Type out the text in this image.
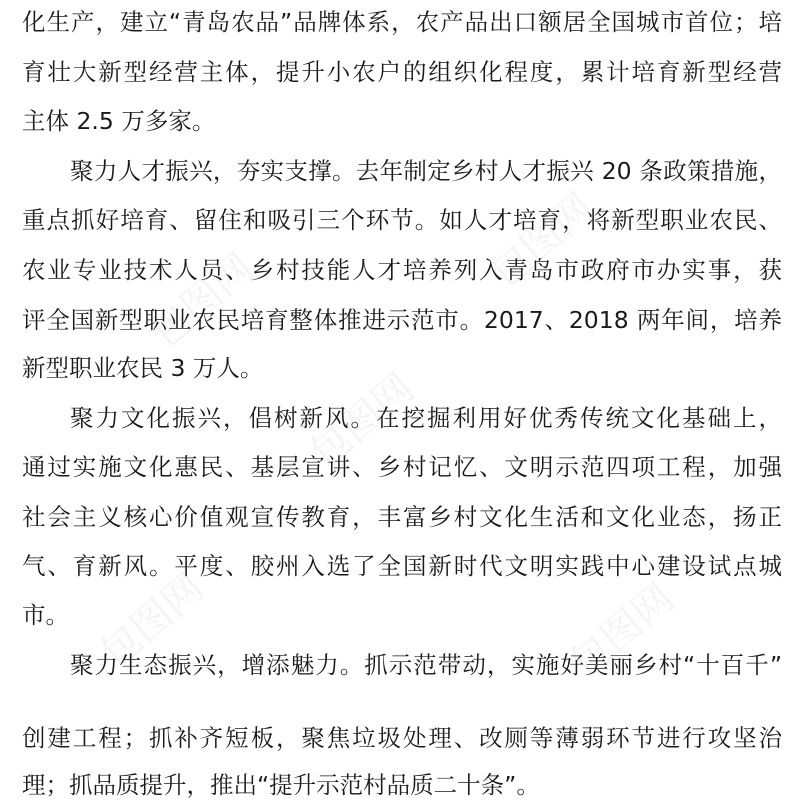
包图网
包图网
包图网
包图网	包图网
化生产，建立“青岛农品”品牌体系，农产品出口额居全国城市首位；培
育壮大新型经营主体，提升小农户的组织化程度，累计培育新型经营
主体 2.5 万多家。
聚力人才振兴，夯实支撑。去年制定乡村人才振兴 20 条政策措施，
重点抓好培育、留住和吸引三个环节。如人才培育，将新型职业农民、
农业专业技术人员、乡村技能人才培养列入青岛市政府市办实事，获
评全国新型职业农民培育整体推进示范市。2017、2018 两年间，培养
新型职业农民 3 万人。
聚力文化振兴，倡树新风。在挖掘利用好优秀传统文化基础上，
通过实施文化惠民、基层宣讲、乡村记忆、文明示范四项工程，加强
社会主义核心价值观宣传教育，丰富乡村文化生活和文化业态，扬正
气、育新风。平度、胶州入选了全国新时代文明实践中心建设试点城
市。
聚力生态振兴，增添魅力。抓示范带动，实施好美丽乡村“十百千”
创建工程；抓补齐短板，聚焦垃圾处理、改厕等薄弱环节进行攻坚治
理；抓品质提升，推出“提升示范村品质二十条”。
